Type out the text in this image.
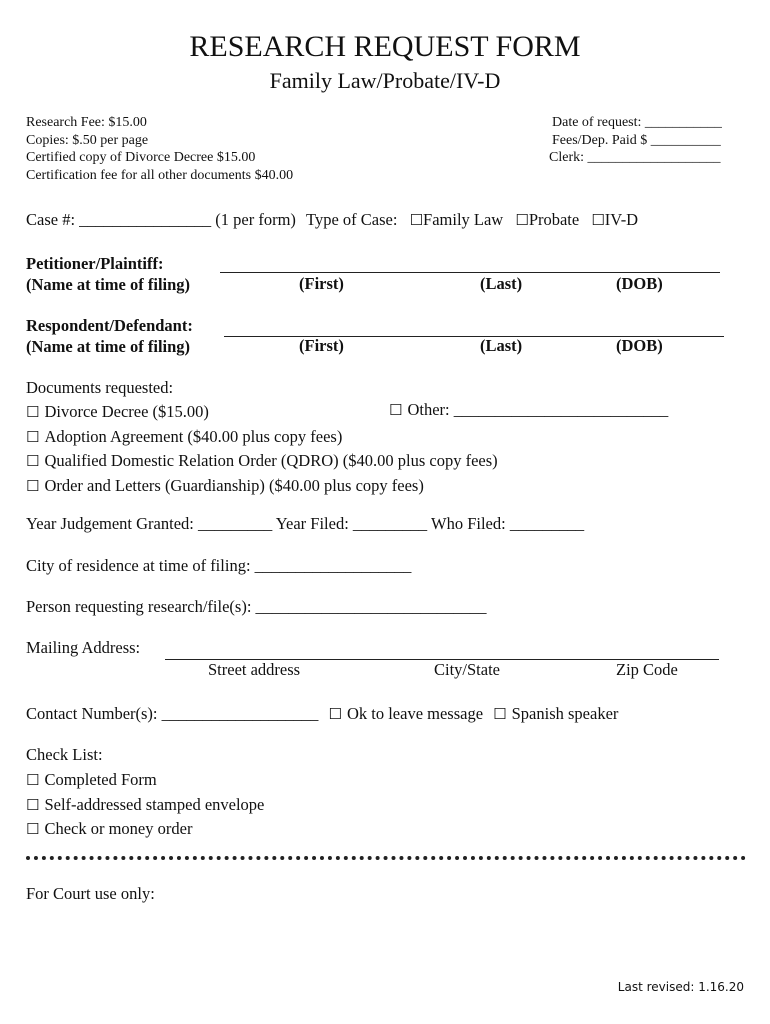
RESEARCH REQUEST FORM
Family Law/Probate/IV-D
Research Fee: $15.00
Copies: $.50 per page
Certified copy of Divorce Decree $15.00
Certification fee for all other documents $40.00
Date of request: ___________
Fees/Dep. Paid $ __________
Clerk: ___________________
Case #: ________________ (1 per form) Type of Case: ☐Family Law ☐Probate ☐IV-D
Petitioner/Plaintiff:
(Name at time of filing)	(First)	(Last)	(DOB)
Respondent/Defendant:
(Name at time of filing)	(First)	(Last)	(DOB)
Documents requested:
☐ Divorce Decree ($15.00)
☐ Adoption Agreement ($40.00 plus copy fees)
☐ Qualified Domestic Relation Order (QDRO) ($40.00 plus copy fees)
☐ Order and Letters (Guardianship) ($40.00 plus copy fees)
☐ Other: __________________________
Year Judgement Granted: _________ Year Filed: _________ Who Filed: _________
City of residence at time of filing: ___________________
Person requesting research/file(s): ____________________________
Mailing Address:
Street address	City/State	Zip Code
Contact Number(s): ___________________ ☐ Ok to leave message ☐ Spanish speaker
Check List:
☐ Completed Form
☐ Self-addressed stamped envelope
☐ Check or money order
For Court use only:
Last revised: 1.16.20
